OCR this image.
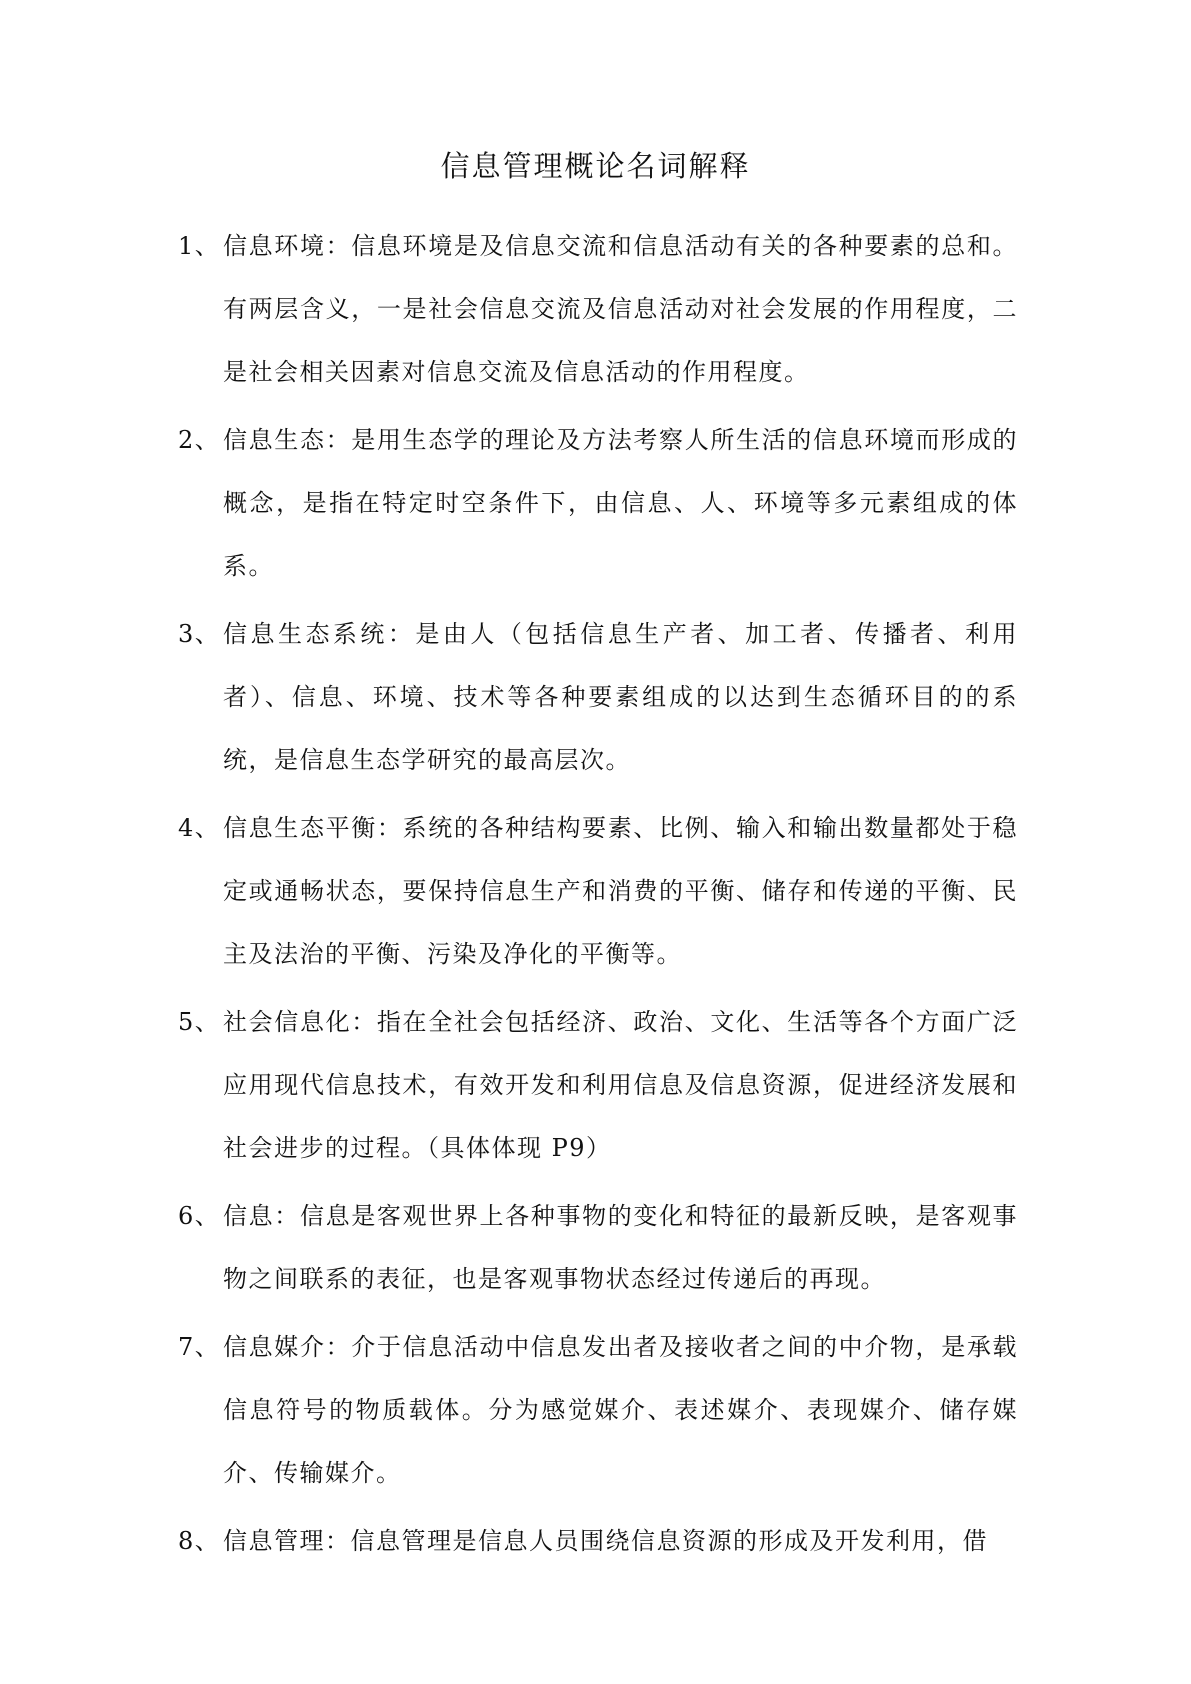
信息管理概论名词解释
1、 信息环境：信息环境是及信息交流和信息活动有关的各种要素的总和。有两层含义，一是社会信息交流及信息活动对社会发展的作用程度，二是社会相关因素对信息交流及信息活动的作用程度。
2、 信息生态：是用生态学的理论及方法考察人所生活的信息环境而形成的概念，是指在特定时空条件下，由信息、人、环境等多元素组成的体系。
3、 信息生态系统：是由人（包括信息生产者、加工者、传播者、利用者）、信息、环境、技术等各种要素组成的以达到生态循环目的的系统，是信息生态学研究的最高层次。
4、 信息生态平衡：系统的各种结构要素、比例、输入和输出数量都处于稳定或通畅状态，要保持信息生产和消费的平衡、储存和传递的平衡、民主及法治的平衡、污染及净化的平衡等。
5、 社会信息化：指在全社会包括经济、政治、文化、生活等各个方面广泛应用现代信息技术，有效开发和利用信息及信息资源，促进经济发展和社会进步的过程。（具体体现 P9）
6、 信息：信息是客观世界上各种事物的变化和特征的最新反映，是客观事物之间联系的表征，也是客观事物状态经过传递后的再现。
7、 信息媒介：介于信息活动中信息发出者及接收者之间的中介物，是承载信息符号的物质载体。分为感觉媒介、表述媒介、表现媒介、储存媒介、传输媒介。
8、 信息管理：信息管理是信息人员围绕信息资源的形成及开发利用，借
